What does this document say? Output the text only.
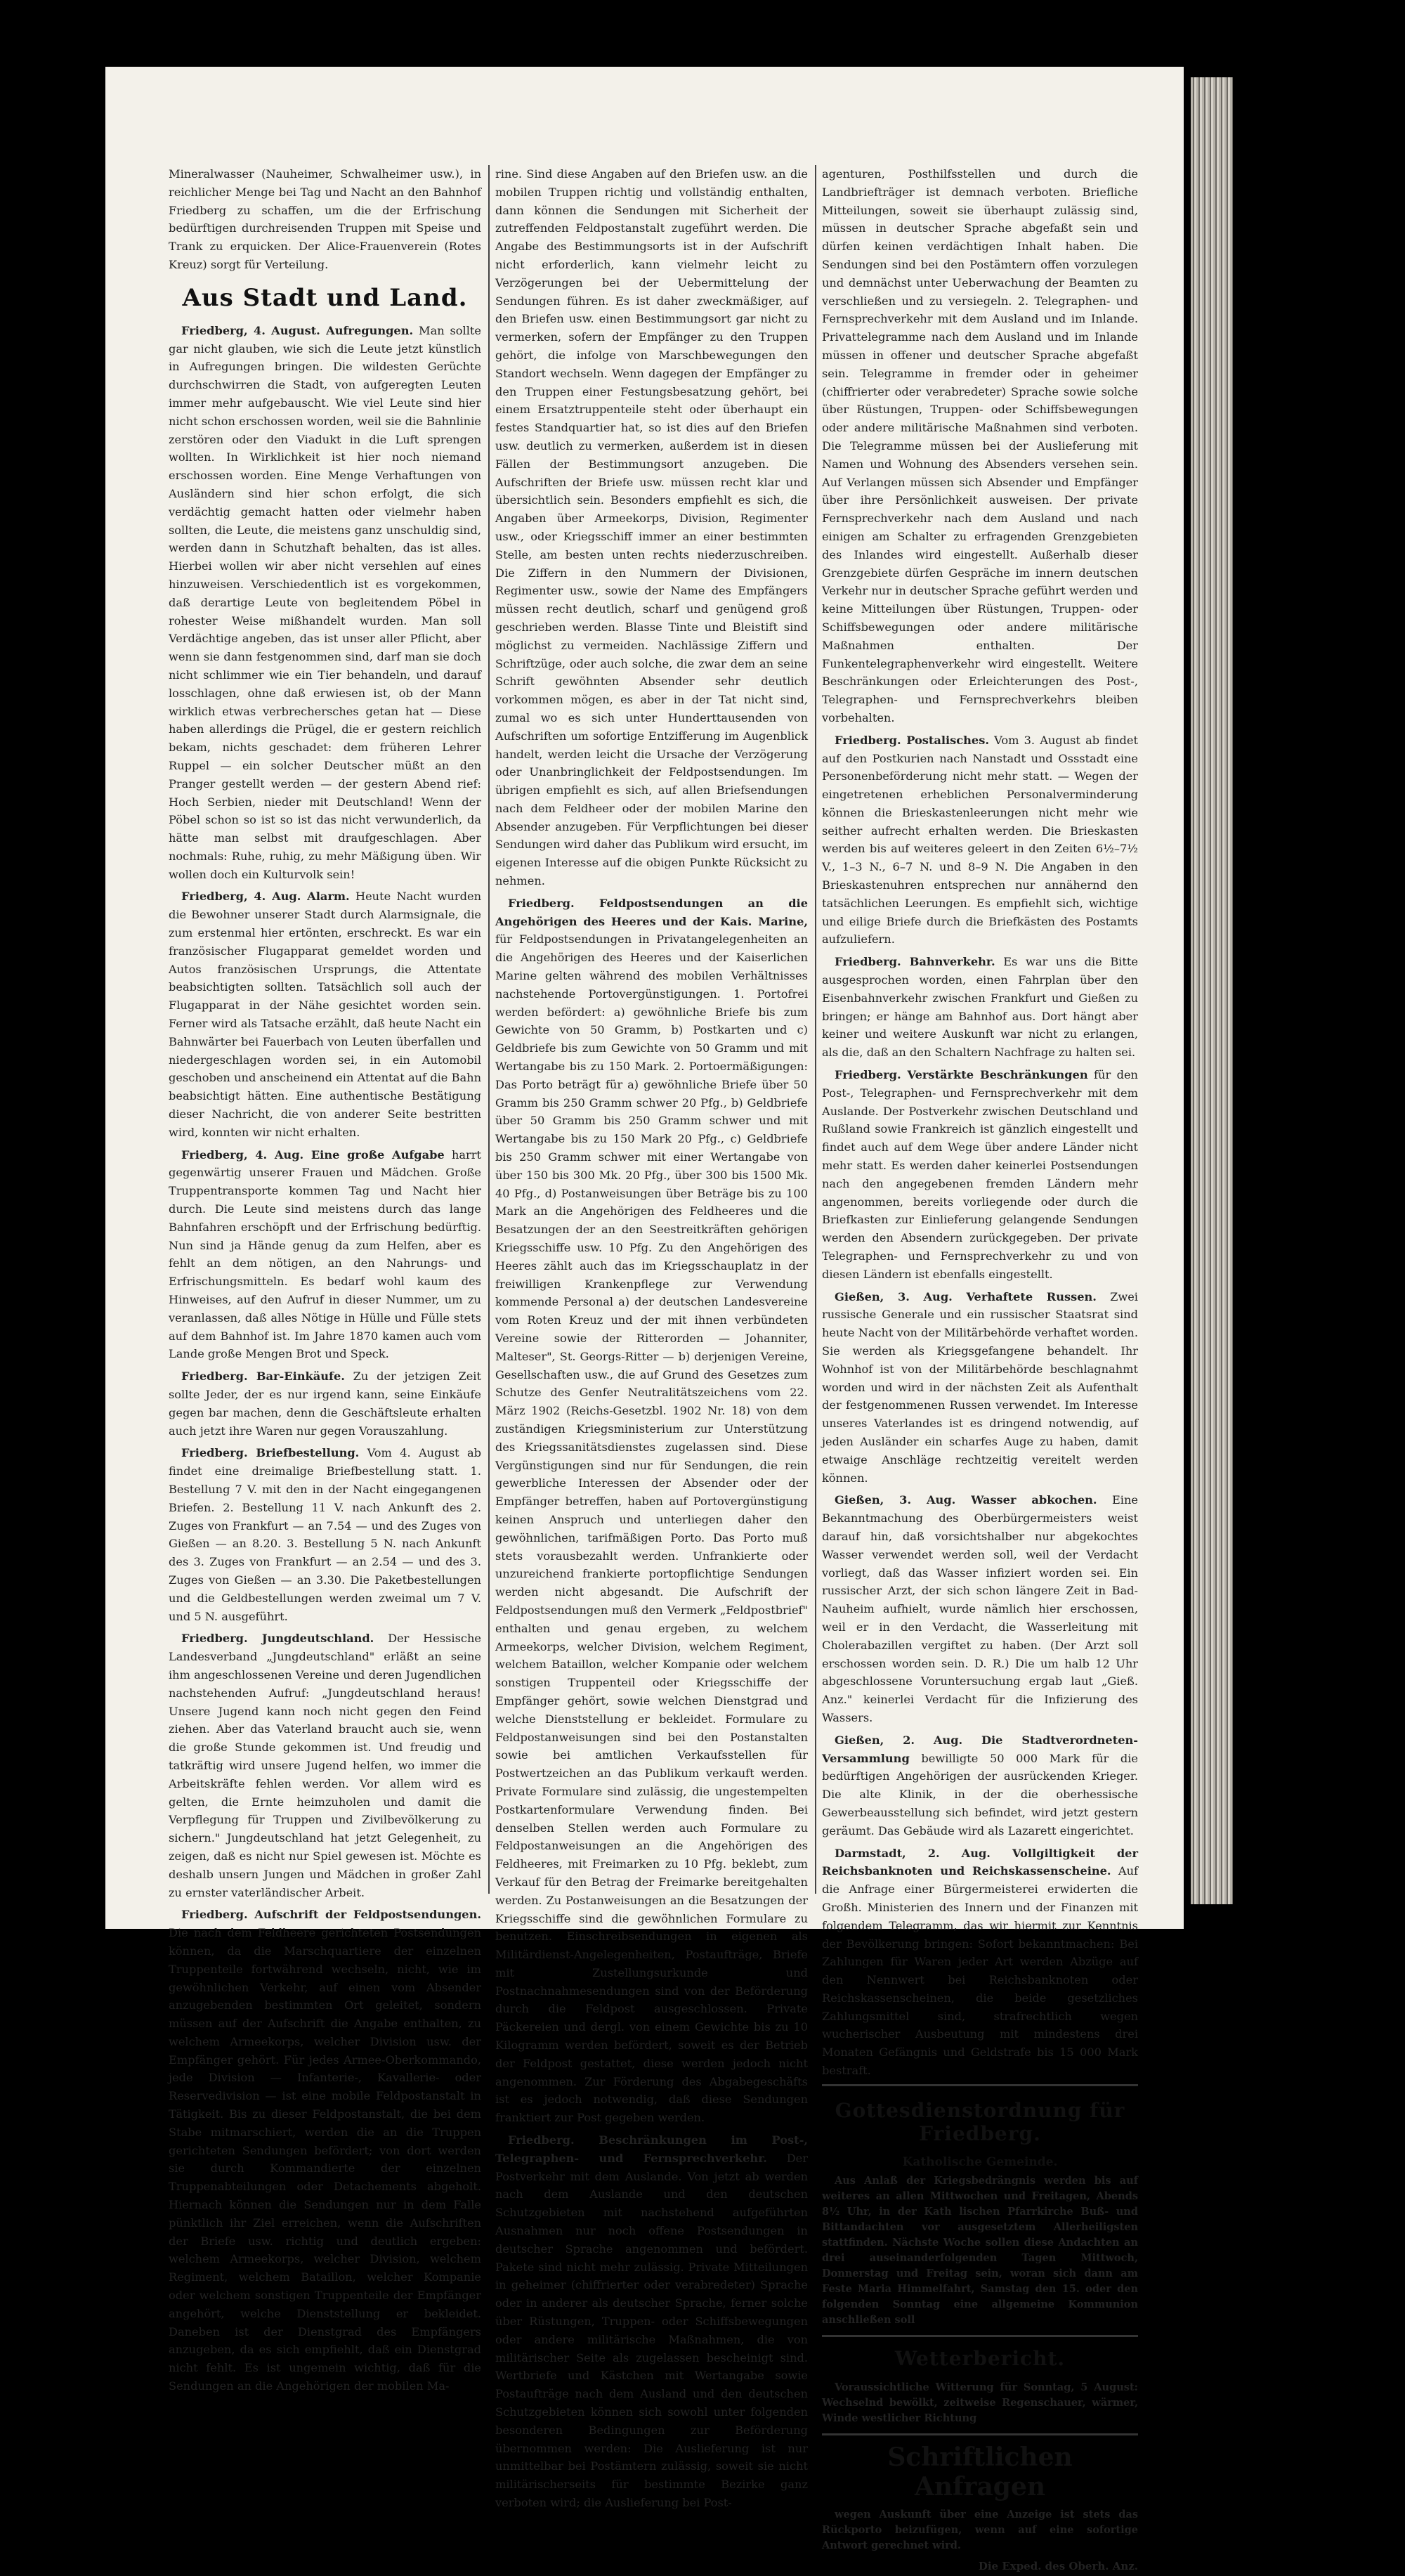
Mineralwasser (Nauheimer, Schwalheimer usw.), in reichlicher Menge bei Tag und Nacht an den Bahnhof Friedberg zu schaffen, um die der Erfrischung bedürftigen durchreisenden Truppen mit Speise und Trank zu erquicken. Der Alice-Frauenverein (Rotes Kreuz) sorgt für Verteilung.

Aus Stadt und Land.

Friedberg, 4. August. Aufregungen. Man sollte gar nicht glauben, wie sich die Leute jetzt künstlich in Aufregungen bringen. Die wildesten Gerüchte durchschwirren die Stadt, von aufgeregten Leuten immer mehr aufgebauscht. Wie viel Leute sind hier nicht schon erschossen worden, weil sie die Bahnlinie zerstören oder den Viadukt in die Luft sprengen wollten. In Wirklichkeit ist hier noch niemand erschossen worden. Eine Menge Verhaftungen von Ausländern sind hier schon erfolgt, die sich verdächtig gemacht hatten oder vielmehr haben sollten, die Leute, die meistens ganz unschuldig sind, werden dann in Schutzhaft behalten, das ist alles. Hierbei wollen wir aber nicht versehlen auf eines hinzuweisen. Verschiedentlich ist es vorgekommen, daß derartige Leute von begleitendem Pöbel in rohester Weise mißhandelt wurden. Man soll Verdächtige angeben, das ist unser aller Pflicht, aber wenn sie dann festgenommen sind, darf man sie doch nicht schlimmer wie ein Tier behandeln, und darauf losschlagen, ohne daß erwiesen ist, ob der Mann wirklich etwas verbrechersches getan hat — Diese haben allerdings die Prügel, die er gestern reichlich bekam, nichts geschadet: dem früheren Lehrer Ruppel — ein solcher Deutscher müßt an den Pranger gestellt werden — der gestern Abend rief: Hoch Serbien, nieder mit Deutschland! Wenn der Pöbel schon so ist so ist das nicht verwunderlich, da hätte man selbst mit draufgeschlagen. Aber nochmals: Ruhe, ruhig, zu mehr Mäßigung üben. Wir wollen doch ein Kulturvolk sein!

Friedberg, 4. Aug. Alarm. Heute Nacht wurden die Bewohner unserer Stadt durch Alarmsignale, die zum erstenmal hier ertönten, erschreckt. Es war ein französischer Flugapparat gemeldet worden und Autos französischen Ursprungs, die Attentate beabsichtigten sollten. Tatsächlich soll auch der Flugapparat in der Nähe gesichtet worden sein. Ferner wird als Tatsache erzählt, daß heute Nacht ein Bahnwärter bei Fauerbach von Leuten überfallen und niedergeschlagen worden sei, in ein Automobil geschoben und anscheinend ein Attentat auf die Bahn beabsichtigt hätten. Eine authentische Bestätigung dieser Nachricht, die von anderer Seite bestritten wird, konnten wir nicht erhalten.

Friedberg, 4. Aug. Eine große Aufgabe harrt gegenwärtig unserer Frauen und Mädchen. Große Truppentransporte kommen Tag und Nacht hier durch. Die Leute sind meistens durch das lange Bahnfahren erschöpft und der Erfrischung bedürftig. Nun sind ja Hände genug da zum Helfen, aber es fehlt an dem nötigen, an den Nahrungs- und Erfrischungsmitteln. Es bedarf wohl kaum des Hinweises, auf den Aufruf in dieser Nummer, um zu veranlassen, daß alles Nötige in Hülle und Fülle stets auf dem Bahnhof ist. Im Jahre 1870 kamen auch vom Lande große Mengen Brot und Speck.

Friedberg. Bar-Einkäufe. Zu der jetzigen Zeit sollte Jeder, der es nur irgend kann, seine Einkäufe gegen bar machen, denn die Geschäftsleute erhalten auch jetzt ihre Waren nur gegen Vorauszahlung.

Friedberg. Briefbestellung. Vom 4. August ab findet eine dreimalige Briefbestellung statt. 1. Bestellung 7 V. mit den in der Nacht eingegangenen Briefen. 2. Bestellung 11 V. nach Ankunft des 2. Zuges von Frankfurt — an 7.54 — und des Zuges von Gießen — an 8.20. 3. Bestellung 5 N. nach Ankunft des 3. Zuges von Frankfurt — an 2.54 — und des 3. Zuges von Gießen — an 3.30. Die Paketbestellungen und die Geldbestellungen werden zweimal um 7 V. und 5 N. ausgeführt.

Friedberg. Jungdeutschland. Der Hessische Landesverband „Jungdeutschland" erläßt an seine ihm angeschlossenen Vereine und deren Jugendlichen nachstehenden Aufruf: „Jungdeutschland heraus! Unsere Jugend kann noch nicht gegen den Feind ziehen. Aber das Vaterland braucht auch sie, wenn die große Stunde gekommen ist. Und freudig und tatkräftig wird unsere Jugend helfen, wo immer die Arbeitskräfte fehlen werden. Vor allem wird es gelten, die Ernte heimzuholen und damit die Verpflegung für Truppen und Zivilbevölkerung zu sichern." Jungdeutschland hat jetzt Gelegenheit, zu zeigen, daß es nicht nur Spiel gewesen ist. Möchte es deshalb unsern Jungen und Mädchen in großer Zahl zu ernster vaterländischer Arbeit.

Friedberg. Aufschrift der Feldpostsendungen. Die nach dem Feldheere gerichteten Postsendungen können, da die Marschquartiere der einzelnen Truppenteile fortwährend wechseln, nicht, wie im gewöhnlichen Verkehr, auf einen vom Absender anzugebenden bestimmten Ort geleitet, sondern müssen auf der Aufschrift die Angabe enthalten, zu welchem Armeekorps, welcher Division usw. der Empfänger gehört. Für jedes Armee-Oberkommando, jede Division — Infanterie-, Kavallerie- oder Reservedivision — ist eine mobile Feldpostanstalt in Tätigkeit. Bis zu dieser Feldpostanstalt, die bei dem Stabe mitmarschiert, werden die an die Truppen gerichteten Sendungen befördert; von dort werden sie durch Kommandierte der einzelnen Truppenabteilungen oder Detachements abgeholt. Hiernach können die Sendungen nur in dem Falle pünktlich ihr Ziel erreichen, wenn die Aufschriften der Briefe usw. richtig und deutlich ergeben: welchem Armeekorps, welcher Division, welchem Regiment, welchem Bataillon, welcher Kompanie oder welchem sonstigen Truppenteile der Empfänger angehört, welche Dienststellung er bekleidet. Daneben ist der Dienstgrad des Empfängers anzugeben, da es sich empfiehlt, daß ein Dienstgrad nicht fehlt. Es ist ungemein wichtig, daß für die Sendungen an die Angehörigen der mobilen Ma-

rine. Sind diese Angaben auf den Briefen usw. an die mobilen Truppen richtig und vollständig enthalten, dann können die Sendungen mit Sicherheit der zutreffenden Feldpostanstalt zugeführt werden. Die Angabe des Bestimmungsorts ist in der Aufschrift nicht erforderlich, kann vielmehr leicht zu Verzögerungen bei der Uebermittelung der Sendungen führen. Es ist daher zweckmäßiger, auf den Briefen usw. einen Bestimmungsort gar nicht zu vermerken, sofern der Empfänger zu den Truppen gehört, die infolge von Marschbewegungen den Standort wechseln. Wenn dagegen der Empfänger zu den Truppen einer Festungsbesatzung gehört, bei einem Ersatztruppenteile steht oder überhaupt ein festes Standquartier hat, so ist dies auf den Briefen usw. deutlich zu vermerken, außerdem ist in diesen Fällen der Bestimmungsort anzugeben. Die Aufschriften der Briefe usw. müssen recht klar und übersichtlich sein. Besonders empfiehlt es sich, die Angaben über Armeekorps, Division, Regimenter usw., oder Kriegsschiff immer an einer bestimmten Stelle, am besten unten rechts niederzuschreiben. Die Ziffern in den Nummern der Divisionen, Regimenter usw., sowie der Name des Empfängers müssen recht deutlich, scharf und genügend groß geschrieben werden. Blasse Tinte und Bleistift sind möglichst zu vermeiden. Nachlässige Ziffern und Schriftzüge, oder auch solche, die zwar dem an seine Schrift gewöhnten Absender sehr deutlich vorkommen mögen, es aber in der Tat nicht sind, zumal wo es sich unter Hunderttausenden von Aufschriften um sofortige Entzifferung im Augenblick handelt, werden leicht die Ursache der Verzögerung oder Unanbringlichkeit der Feldpostsendungen. Im übrigen empfiehlt es sich, auf allen Briefsendungen nach dem Feldheer oder der mobilen Marine den Absender anzugeben. Für Verpflichtungen bei dieser Sendungen wird daher das Publikum wird ersucht, im eigenen Interesse auf die obigen Punkte Rücksicht zu nehmen.

Friedberg. Feldpostsendungen an die Angehörigen des Heeres und der Kais. Marine, für Feldpostsendungen in Privatangelegenheiten an die Angehörigen des Heeres und der Kaiserlichen Marine gelten während des mobilen Verhältnisses nachstehende Portovergünstigungen. 1. Portofrei werden befördert: a) gewöhnliche Briefe bis zum Gewichte von 50 Gramm, b) Postkarten und c) Geldbriefe bis zum Gewichte von 50 Gramm und mit Wertangabe bis zu 150 Mark. 2. Portoermäßigungen: Das Porto beträgt für a) gewöhnliche Briefe über 50 Gramm bis 250 Gramm schwer 20 Pfg., b) Geldbriefe über 50 Gramm bis 250 Gramm schwer und mit Wertangabe bis zu 150 Mark 20 Pfg., c) Geldbriefe bis 250 Gramm schwer mit einer Wertangabe von über 150 bis 300 Mk. 20 Pfg., über 300 bis 1500 Mk. 40 Pfg., d) Postanweisungen über Beträge bis zu 100 Mark an die Angehörigen des Feldheeres und die Besatzungen der an den Seestreitkräften gehörigen Kriegsschiffe usw. 10 Pfg. Zu den Angehörigen des Heeres zählt auch das im Kriegsschauplatz in der freiwilligen Krankenpflege zur Verwendung kommende Personal a) der deutschen Landesvereine vom Roten Kreuz und der mit ihnen verbündeten Vereine sowie der Ritterorden — Johanniter, Malteser", St. Georgs-Ritter — b) derjenigen Vereine, Gesellschaften usw., die auf Grund des Gesetzes zum Schutze des Genfer Neutralitätszeichens vom 22. März 1902 (Reichs-Gesetzbl. 1902 Nr. 18) von dem zuständigen Kriegsministerium zur Unterstützung des Kriegssanitätsdienstes zugelassen sind. Diese Vergünstigungen sind nur für Sendungen, die rein gewerbliche Interessen der Absender oder der Empfänger betreffen, haben auf Portovergünstigung keinen Anspruch und unterliegen daher den gewöhnlichen, tarifmäßigen Porto. Das Porto muß stets vorausbezahlt werden. Unfrankierte oder unzureichend frankierte portopflichtige Sendungen werden nicht abgesandt. Die Aufschrift der Feldpostsendungen muß den Vermerk „Feldpostbrief" enthalten und genau ergeben, zu welchem Armeekorps, welcher Division, welchem Regiment, welchem Bataillon, welcher Kompanie oder welchem sonstigen Truppenteil oder Kriegsschiffe der Empfänger gehört, sowie welchen Dienstgrad und welche Dienststellung er bekleidet. Formulare zu Feldpostanweisungen sind bei den Postanstalten sowie bei amtlichen Verkaufsstellen für Postwertzeichen an das Publikum verkauft werden. Private Formulare sind zulässig, die ungestempelten Postkartenformulare Verwendung finden. Bei denselben Stellen werden auch Formulare zu Feldpostanweisungen an die Angehörigen des Feldheeres, mit Freimarken zu 10 Pfg. beklebt, zum Verkauf für den Betrag der Freimarke bereitgehalten werden. Zu Postanweisungen an die Besatzungen der Kriegsschiffe sind die gewöhnlichen Formulare zu benutzen. Einschreibsendungen in eigenen als Militärdienst-Angelegenheiten, Postaufträge, Briefe mit Zustellungsurkunde und Postnachnahmesendungen sind von der Beförderung durch die Feldpost ausgeschlossen. Private Päckereien und dergl. von einem Gewichte bis zu 10 Kilogramm werden befördert, soweit es der Betrieb der Feldpost gestattet, diese werden jedoch nicht angenommen. Zur Förderung des Abgabegeschäfts ist es jedoch notwendig, daß diese Sendungen franktiert zur Post gegeben werden.

Friedberg. Beschränkungen im Post-, Telegraphen- und Fernsprechverkehr. Der Postverkehr mit dem Auslande. Von jetzt ab werden nach dem Auslande und den deutschen Schutzgebieten mit nachstehend aufgeführten Ausnahmen nur noch offene Postsendungen in deutscher Sprache angenommen und befördert. Pakete sind nicht mehr zulässig. Private Mitteilungen in geheimer (chiffrierter oder verabredeter) Sprache oder in anderer als deutscher Sprache, ferner solche über Rüstungen, Truppen- oder Schiffsbewegungen oder andere militärische Maßnahmen, die von militärischer Seite als zugelassen bescheinigt sind. Wertbriefe und Kästchen mit Wertangabe sowie Postaufträge nach dem Ausland und den deutschen Schutzgebieten können sich sowohl unter folgenden besonderen Bedingungen zur Beförderung übernommen werden: Die Auslieferung ist nur unmittelbar bei Postämtern zulässig, soweit sie nicht militärischerseits für bestimmte Bezirke ganz verboten wird; die Auslieferung bei Post-

agenturen, Posthilfsstellen und durch die Landbriefträger ist demnach verboten. Briefliche Mitteilungen, soweit sie überhaupt zulässig sind, müssen in deutscher Sprache abgefaßt sein und dürfen keinen verdächtigen Inhalt haben. Die Sendungen sind bei den Postämtern offen vorzulegen und demnächst unter Ueberwachung der Beamten zu verschließen und zu versiegeln. 2. Telegraphen- und Fernsprechverkehr mit dem Ausland und im Inlande. Privattelegramme nach dem Ausland und im Inlande müssen in offener und deutscher Sprache abgefaßt sein. Telegramme in fremder oder in geheimer (chiffrierter oder verabredeter) Sprache sowie solche über Rüstungen, Truppen- oder Schiffsbewegungen oder andere militärische Maßnahmen sind verboten. Die Telegramme müssen bei der Auslieferung mit Namen und Wohnung des Absenders versehen sein. Auf Verlangen müssen sich Absender und Empfänger über ihre Persönlichkeit ausweisen. Der private Fernsprechverkehr nach dem Ausland und nach einigen am Schalter zu erfragenden Grenzgebieten des Inlandes wird eingestellt. Außerhalb dieser Grenzgebiete dürfen Gespräche im innern deutschen Verkehr nur in deutscher Sprache geführt werden und keine Mitteilungen über Rüstungen, Truppen- oder Schiffsbewegungen oder andere militärische Maßnahmen enthalten. Der Funkentelegraphenverkehr wird eingestellt. Weitere Beschränkungen oder Erleichterungen des Post-, Telegraphen- und Fernsprechverkehrs bleiben vorbehalten.

Friedberg. Postalisches. Vom 3. August ab findet auf den Postkurien nach Nanstadt und Ossstadt eine Personenbeförderung nicht mehr statt. — Wegen der eingetretenen erheblichen Personalverminderung können die Brieskastenleerungen nicht mehr wie seither aufrecht erhalten werden. Die Brieskasten werden bis auf weiteres geleert in den Zeiten 6½–7½ V., 1–3 N., 6–7 N. und 8–9 N. Die Angaben in den Brieskastenuhren entsprechen nur annähernd den tatsächlichen Leerungen. Es empfiehlt sich, wichtige und eilige Briefe durch die Briefkästen des Postamts aufzuliefern.

Friedberg. Bahnverkehr. Es war uns die Bitte ausgesprochen worden, einen Fahrplan über den Eisenbahnverkehr zwischen Frankfurt und Gießen zu bringen; er hänge am Bahnhof aus. Dort hängt aber keiner und weitere Auskunft war nicht zu erlangen, als die, daß an den Schaltern Nachfrage zu halten sei.

Friedberg. Verstärkte Beschränkungen für den Post-, Telegraphen- und Fernsprechverkehr mit dem Auslande. Der Postverkehr zwischen Deutschland und Rußland sowie Frankreich ist gänzlich eingestellt und findet auch auf dem Wege über andere Länder nicht mehr statt. Es werden daher keinerlei Postsendungen nach den angegebenen fremden Ländern mehr angenommen, bereits vorliegende oder durch die Briefkasten zur Einlieferung gelangende Sendungen werden den Absendern zurückgegeben. Der private Telegraphen- und Fernsprechverkehr zu und von diesen Ländern ist ebenfalls eingestellt.

Gießen, 3. Aug. Verhaftete Russen. Zwei russische Generale und ein russischer Staatsrat sind heute Nacht von der Militärbehörde verhaftet worden. Sie werden als Kriegsgefangene behandelt. Ihr Wohnhof ist von der Militärbehörde beschlagnahmt worden und wird in der nächsten Zeit als Aufenthalt der festgenommenen Russen verwendet. Im Interesse unseres Vaterlandes ist es dringend notwendig, auf jeden Ausländer ein scharfes Auge zu haben, damit etwaige Anschläge rechtzeitig vereitelt werden können.

Gießen, 3. Aug. Wasser abkochen. Eine Bekanntmachung des Oberbürgermeisters weist darauf hin, daß vorsichtshalber nur abgekochtes Wasser verwendet werden soll, weil der Verdacht vorliegt, daß das Wasser infiziert worden sei. Ein russischer Arzt, der sich schon längere Zeit in Bad-Nauheim aufhielt, wurde nämlich hier erschossen, weil er in den Verdacht, die Wasserleitung mit Cholerabazillen vergiftet zu haben. (Der Arzt soll erschossen worden sein. D. R.) Die um halb 12 Uhr abgeschlossene Voruntersuchung ergab laut „Gieß. Anz." keinerlei Verdacht für die Infizierung des Wassers.

Gießen, 2. Aug. Die Stadtverordneten-Versammlung bewilligte 50 000 Mark für die bedürftigen Angehörigen der ausrückenden Krieger. Die alte Klinik, in der die oberhessische Gewerbeausstellung sich befindet, wird jetzt gestern geräumt. Das Gebäude wird als Lazarett eingerichtet.

Darmstadt, 2. Aug. Vollgiltigkeit der Reichsbanknoten und Reichskassenscheine. Auf die Anfrage einer Bürgermeisterei erwiderten die Großh. Ministerien des Innern und der Finanzen mit folgendem Telegramm, das wir hiermit zur Kenntnis der Bevölkerung bringen: Sofort bekanntmachen: Bei Zahlungen für Waren jeder Art werden Abzüge auf den Nennwert bei Reichsbanknoten oder Reichskassenscheinen, die beide gesetzliches Zahlungsmittel sind, strafrechtlich wegen wucherischer Ausbeutung mit mindestens drei Monaten Gefängnis und Geldstrafe bis 15 000 Mark bestraft.

Gottesdienstordnung für Friedberg.
Katholische Gemeinde.

Aus Anlaß der Kriegsbedrängnis werden bis auf weiteres an allen Mittwochen und Freitagen, Abends 8½ Uhr, in der Kath lischen Pfarrkirche Buß- und Bittandachten vor ausgesetztem Allerheiligsten stattfinden. Nächste Woche sollen diese Andachten an drei auseinanderfolgenden Tagen Mittwoch, Donnerstag und Freitag sein, woran sich dann am Feste Maria Himmelfahrt, Samstag den 15. oder den folgenden Sonntag eine allgemeine Kommunion anschließen soll

Wetterbericht.

Voraussichtliche Witterung für Sonntag, 5 August: Wechselnd bewölkt, zeitweise Regenschauer, wärmer, Winde westlicher Richtung

Schriftlichen Anfragen

wegen Auskunft über eine Anzeige ist stets das Rückporto beizufügen, wenn auf eine sofortige Antwort gerechnet wird.

Die Exped. des Oberh. Anz.
